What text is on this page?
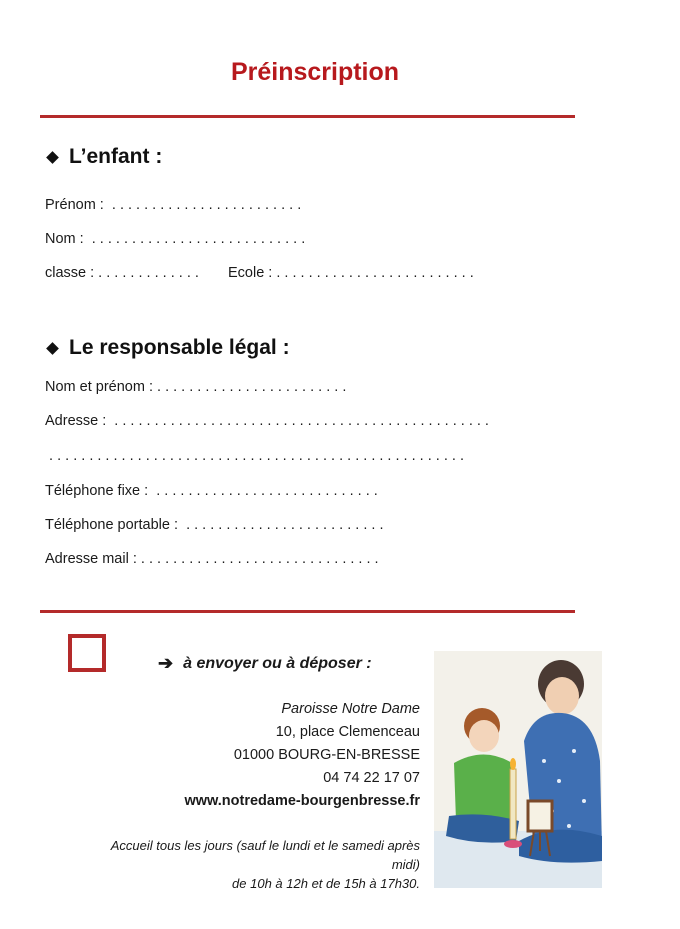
Préinscription
L’enfant :
Prénom :  . . . . . . . . . . . . . . . . . . . . . . . .
Nom :  . . . . . . . . . . . . . . . . . . . . . . . . . . .
classe : . . . . . . . . . . . . . Ecole : . . . . . . . . . . . . . . . . . . . . . . . . .
Le responsable légal :
Nom et prénom : . . . . . . . . . . . . . . . . . . . . . . . .
Adresse :  . . . . . . . . . . . . . . . . . . . . . . . . . . . . . . . . . . . . . . . . . . . . . . .
. . . . . . . . . . . . . . . . . . . . . . . . . . . . . . . . . . . . . . . . . . . . . . . . . . . .
Téléphone fixe :  . . . . . . . . . . . . . . . . . . . . . . . . . . . .
Téléphone portable :  . . . . . . . . . . . . . . . . . . . . . . . . .
Adresse mail : . . . . . . . . . . . . . . . . . . . . . . . . . . . . . .
➔ à envoyer ou à déposer :
Paroisse Notre Dame
10, place Clemenceau
01000 BOURG-EN-BRESSE
04 74 22 17 07
www.notredame-bourgenbresse.fr
Accueil tous les jours (sauf le lundi et le samedi après
midi)
de 10h à 12h et de 15h à 17h30.
